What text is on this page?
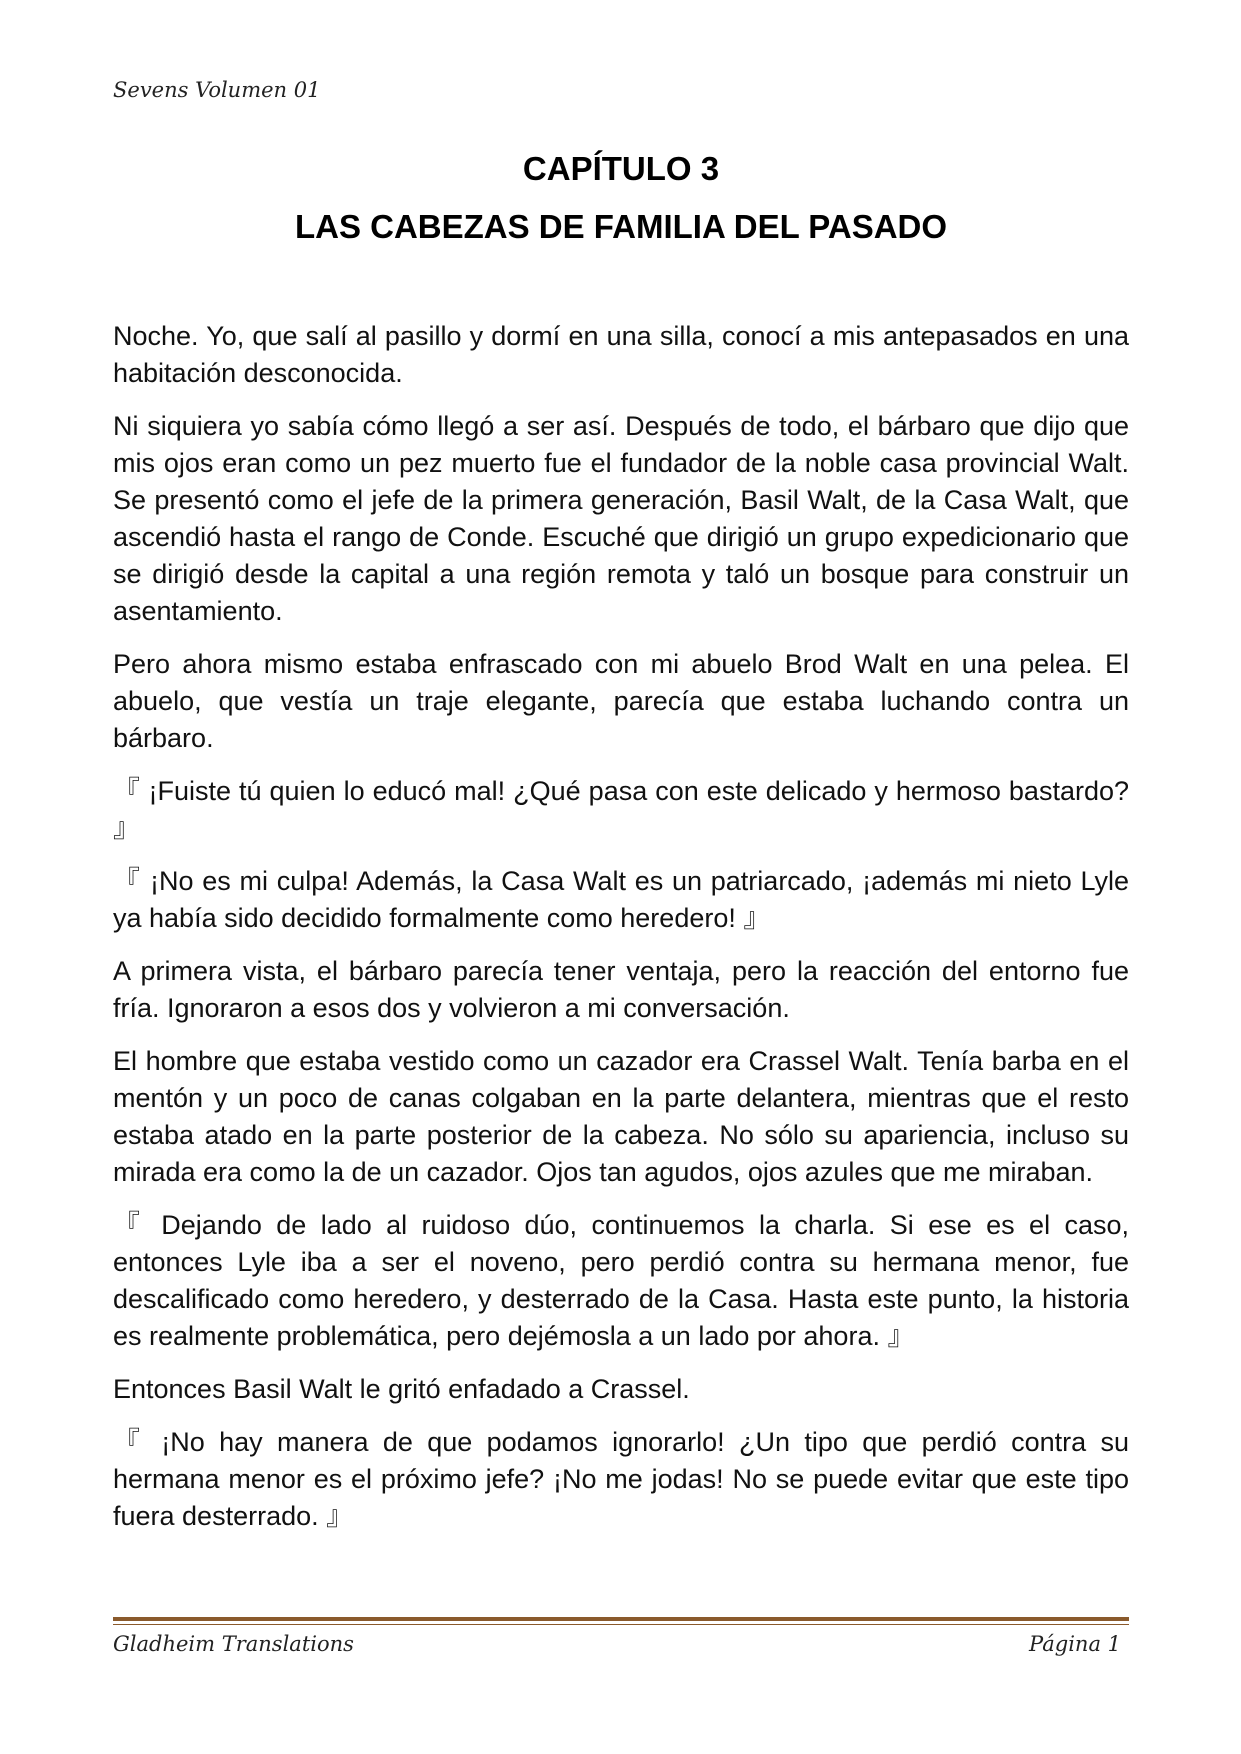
Sevens Volumen 01
CAPÍTULO 3
LAS CABEZAS DE FAMILIA DEL PASADO

Noche. Yo, que salí al pasillo y dormí en una silla, conocí a mis antepasados en una habitación desconocida.

Ni siquiera yo sabía cómo llegó a ser así. Después de todo, el bárbaro que dijo que mis ojos eran como un pez muerto fue el fundador de la noble casa provincial Walt. Se presentó como el jefe de la primera generación, Basil Walt, de la Casa Walt, que ascendió hasta el rango de Conde. Escuché que dirigió un grupo expedicionario que se dirigió desde la capital a una región remota y taló un bosque para construir un asentamiento.

Pero ahora mismo estaba enfrascado con mi abuelo Brod Walt en una pelea. El abuelo, que vestía un traje elegante, parecía que estaba luchando contra un bárbaro.

『 ¡Fuiste tú quien lo educó mal! ¿Qué pasa con este delicado y hermoso bastardo? 』

『 ¡No es mi culpa! Además, la Casa Walt es un patriarcado, ¡además mi nieto Lyle ya había sido decidido formalmente como heredero! 』

A primera vista, el bárbaro parecía tener ventaja, pero la reacción del entorno fue fría. Ignoraron a esos dos y volvieron a mi conversación.

El hombre que estaba vestido como un cazador era Crassel Walt. Tenía barba en el mentón y un poco de canas colgaban en la parte delantera, mientras que el resto estaba atado en la parte posterior de la cabeza. No sólo su apariencia, incluso su mirada era como la de un cazador. Ojos tan agudos, ojos azules que me miraban.

『 Dejando de lado al ruidoso dúo, continuemos la charla. Si ese es el caso, entonces Lyle iba a ser el noveno, pero perdió contra su hermana menor, fue descalificado como heredero, y desterrado de la Casa. Hasta este punto, la historia es realmente problemática, pero dejémosla a un lado por ahora. 』

Entonces Basil Walt le gritó enfadado a Crassel.

『 ¡No hay manera de que podamos ignorarlo! ¿Un tipo que perdió contra su hermana menor es el próximo jefe? ¡No me jodas! No se puede evitar que este tipo fuera desterrado. 』

Gladheim Translations	Página 1
